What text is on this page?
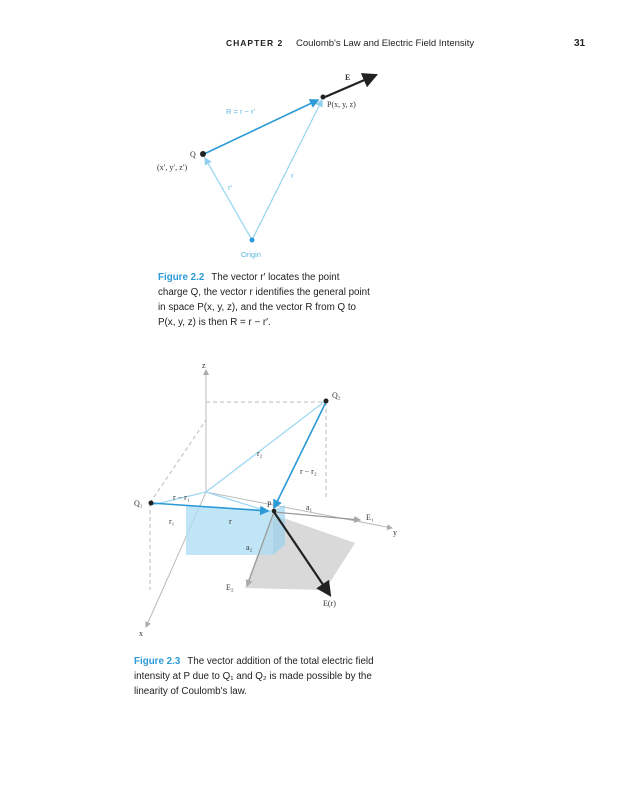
CHAPTER 2 Coulomb's Law and Electric Field Intensity	31
E
P(x, y, z)
R = r − r′
Q
(x′, y′, z′)
r′
r
Origin
z
y
x
Q₂
Q₁
r₂
r − r₂
r − r₁
r₁	r
P	a₁
a₂
E₁
E₂
E(r)
Figure 2.2 The vector r′ locates the point
charge Q, the vector r identifies the general point
in space P(x, y, z), and the vector R from Q to
P(x, y, z) is then R = r − r′.
Figure 2.3 The vector addition of the total electric field
intensity at P due to Q₁ and Q₂ is made possible by the
linearity of Coulomb's law.
